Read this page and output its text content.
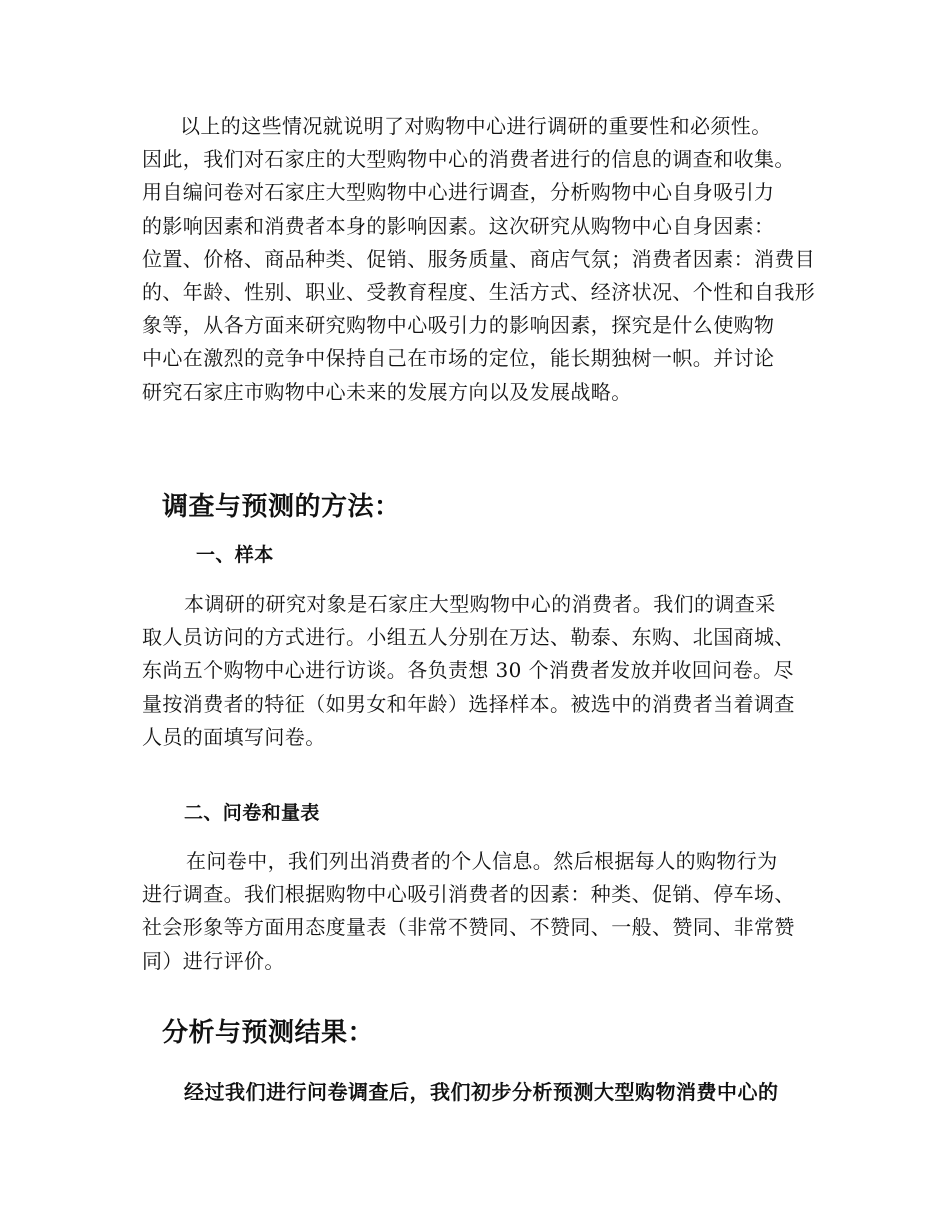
以上的这些情况就说明了对购物中心进行调研的重要性和必须性。
因此，我们对石家庄的大型购物中心的消费者进行的信息的调查和收集。
用自编问卷对石家庄大型购物中心进行调查，分析购物中心自身吸引力
的影响因素和消费者本身的影响因素。这次研究从购物中心自身因素：
位置、价格、商品种类、促销、服务质量、商店气氛；消费者因素：消费目
的、年龄、性别、职业、受教育程度、生活方式、经济状况、个性和自我形
象等，从各方面来研究购物中心吸引力的影响因素，探究是什么使购物
中心在激烈的竞争中保持自己在市场的定位，能长期独树一帜。并讨论
研究石家庄市购物中心未来的发展方向以及发展战略。
调查与预测的方法：
一、样本
本调研的研究对象是石家庄大型购物中心的消费者。我们的调查采
取人员访问的方式进行。小组五人分别在万达、勒泰、东购、北国商城、
东尚五个购物中心进行访谈。各负责想 30 个消费者发放并收回问卷。尽
量按消费者的特征（如男女和年龄）选择样本。被选中的消费者当着调查
人员的面填写问卷。
二、问卷和量表
在问卷中，我们列出消费者的个人信息。然后根据每人的购物行为
进行调查。我们根据购物中心吸引消费者的因素：种类、促销、停车场、
社会形象等方面用态度量表（非常不赞同、不赞同、一般、赞同、非常赞
同）进行评价。
分析与预测结果：
经过我们进行问卷调查后，我们初步分析预测大型购物消费中心的
